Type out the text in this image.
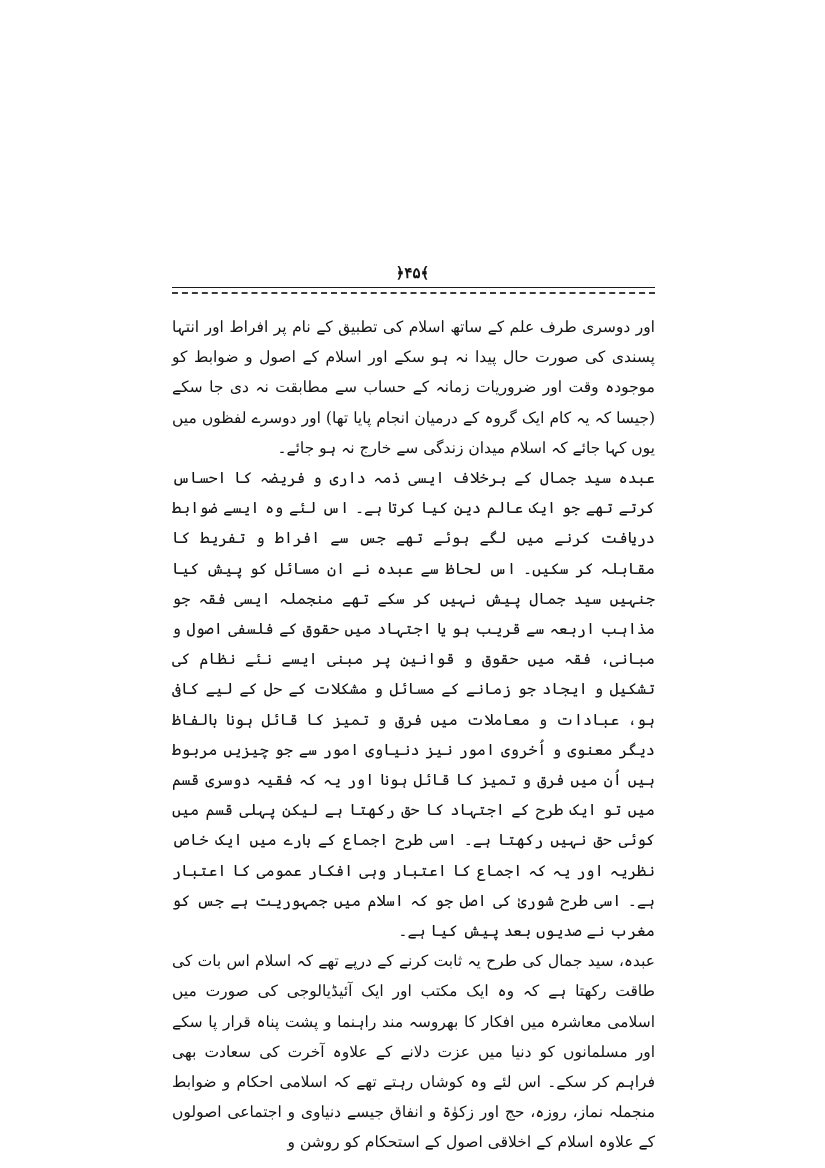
﴿۴۵﴾

اور دوسری طرف علم کے ساتھ اسلام کی تطبیق کے نام پر افراط اور انتہا پسندی کی صورت حال پیدا نہ ہو سکے اور اسلام کے اصول و ضوابط کو موجودہ وقت اور ضروریات زمانہ کے حساب سے مطابقت نہ دی جا سکے (جیسا کہ یہ کام ایک گروہ کے درمیان انجام پایا تھا) اور دوسرے لفظوں میں یوں کہا جائے کہ اسلام میدان زندگی سے خارج نہ ہو جائے۔

عبدہ سید جمال کے برخلاف ایسی ذمہ داری و فریضہ کا احساس کرتے تھے جو ایک عالم دین کیا کرتا ہے۔ اس لئے وہ ایسے ضوابط دریافت کرنے میں لگے ہوئے تھے جس سے افراط و تفریط کا مقابلہ کر سکیں۔ اس لحاظ سے عبدہ نے ان مسائل کو پیش کیا جنہیں سید جمال پیش نہیں کر سکے تھے منجملہ ایسی فقہ جو مذاہب اربعہ سے قریب ہو یا اجتہاد میں حقوق کے فلسفی اصول و مبانی، فقہ میں حقوق و قوانین پر مبنی ایسے نئے نظام کی تشکیل و ایجاد جو زمانے کے مسائل و مشکلات کے حل کے لیے کافی ہو، عبادات و معاملات میں فرق و تمیز کا قائل ہونا بالفاظ دیگر معنوی و اُخروی امور نیز دنیاوی امور سے جو چیزیں مربوط ہیں اُن میں فرق و تمیز کا قائل ہونا اور یہ کہ فقیہ دوسری قسم میں تو ایک طرح کے اجتہاد کا حق رکھتا ہے لیکن پہلی قسم میں کوئی حق نہیں رکھتا ہے۔ اسی طرح اجماع کے بارے میں ایک خاص نظریہ اور یہ کہ اجماع کا اعتبار وہی افکار عمومی کا اعتبار ہے۔ اسی طرح شوریٰ کی اصل جو کہ اسلام میں جمہوریت ہے جس کو مغرب نے صدیوں بعد پیش کیا ہے۔

عبدہ، سید جمال کی طرح یہ ثابت کرنے کے درپے تھے کہ اسلام اس بات کی طاقت رکھتا ہے کہ وہ ایک مکتب اور ایک آئیڈیالوجی کی صورت میں اسلامی معاشرہ میں افکار کا بھروسہ مند راہنما و پشت پناہ قرار پا سکے اور مسلمانوں کو دنیا میں عزت دلانے کے علاوہ آخرت کی سعادت بھی فراہم کر سکے۔ اس لئے وہ کوشاں رہتے تھے کہ اسلامی احکام و ضوابط منجملہ نماز، روزہ، حج اور زکوٰۃ و انفاق جیسے دنیاوی و اجتماعی اصولوں کے علاوہ اسلام کے اخلاقی اصول کے استحکام کو روشن و
